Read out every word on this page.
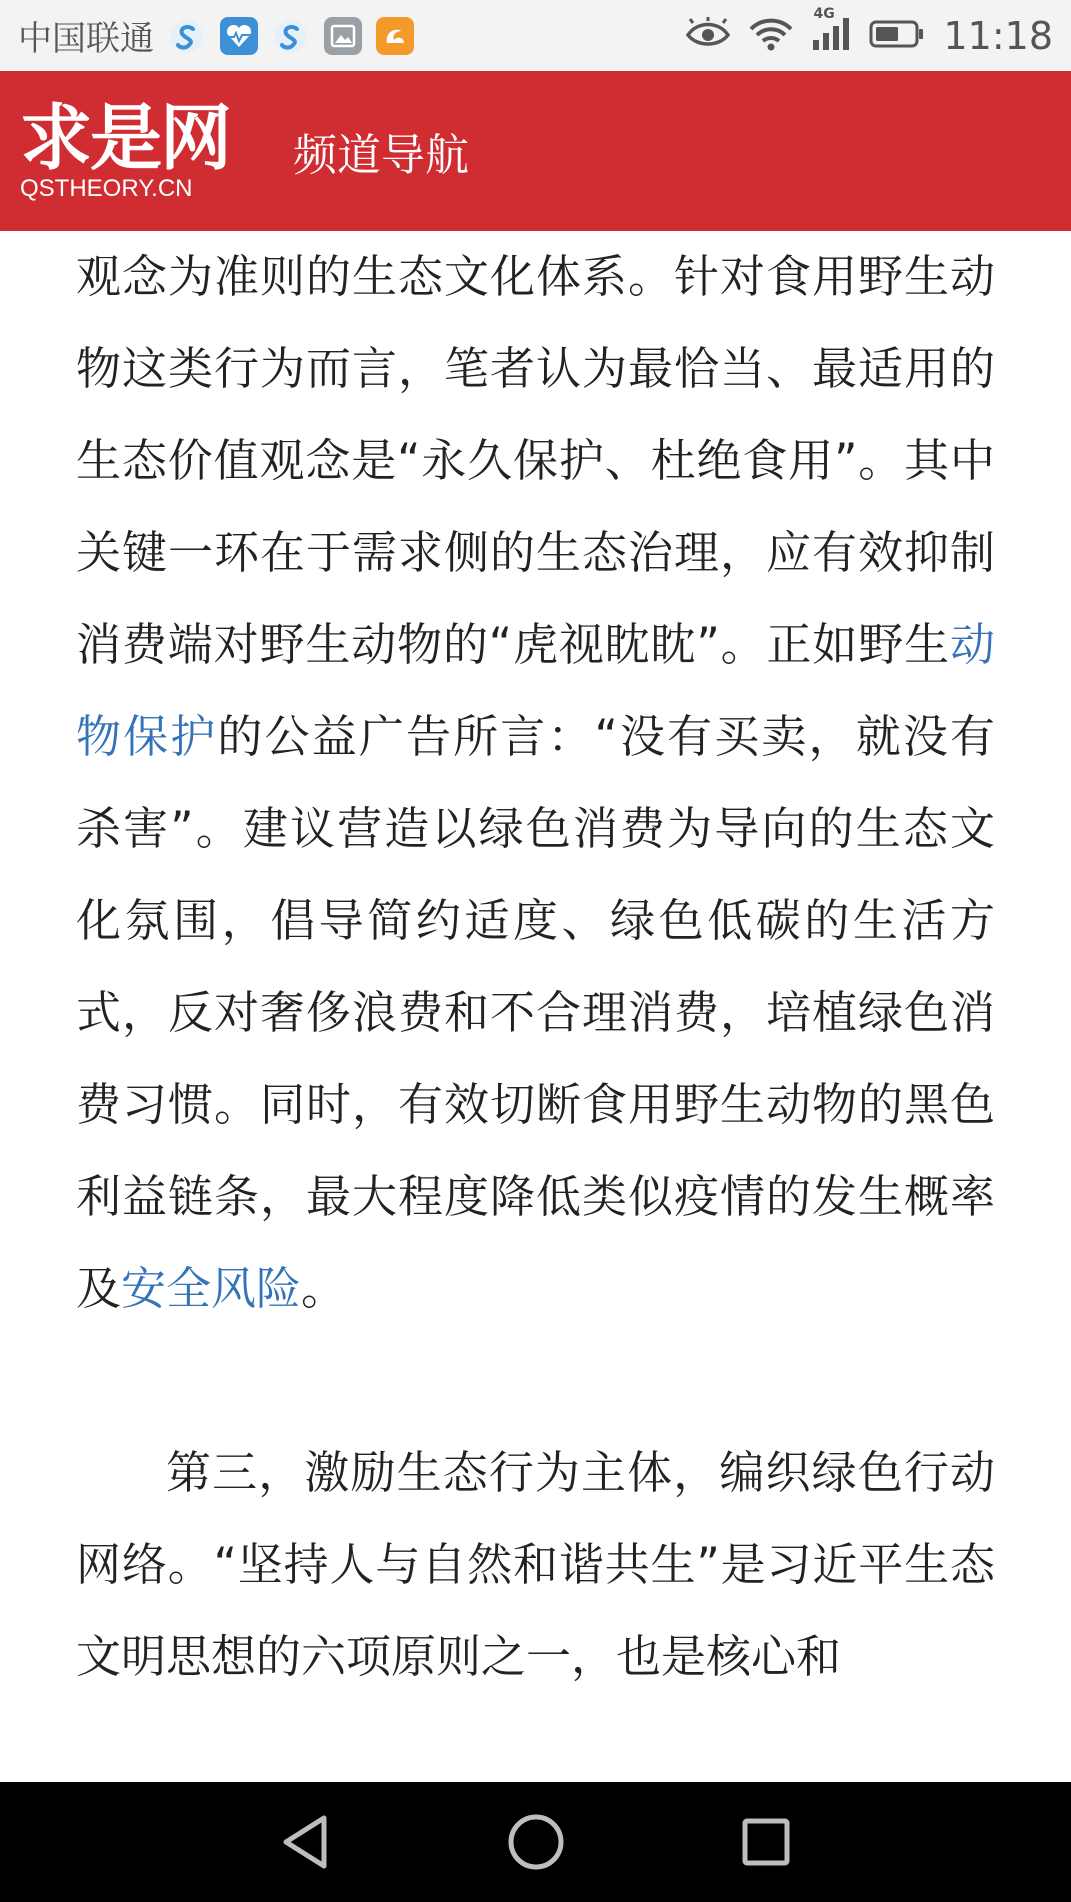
中国联通
4G	11:18
求是网
QSTHEORY.CN
频道导航

观念为准则的生态文化体系。针对食用野生动物这类行为而言，笔者认为最恰当、最适用的生态价值观念是“永久保护、杜绝食用”。其中关键一环在于需求侧的生态治理，应有效抑制消费端对野生动物的“虎视眈眈”。正如野生动物保护的公益广告所言：“没有买卖，就没有杀害”。建议营造以绿色消费为导向的生态文化氛围，倡导简约适度、绿色低碳的生活方式，反对奢侈浪费和不合理消费，培植绿色消费习惯。同时，有效切断食用野生动物的黑色利益链条，最大程度降低类似疫情的发生概率及安全风险。

第三，激励生态行为主体，编织绿色行动网络。“坚持人与自然和谐共生”是习近平生态文明思想的六项原则之一，也是核心和
